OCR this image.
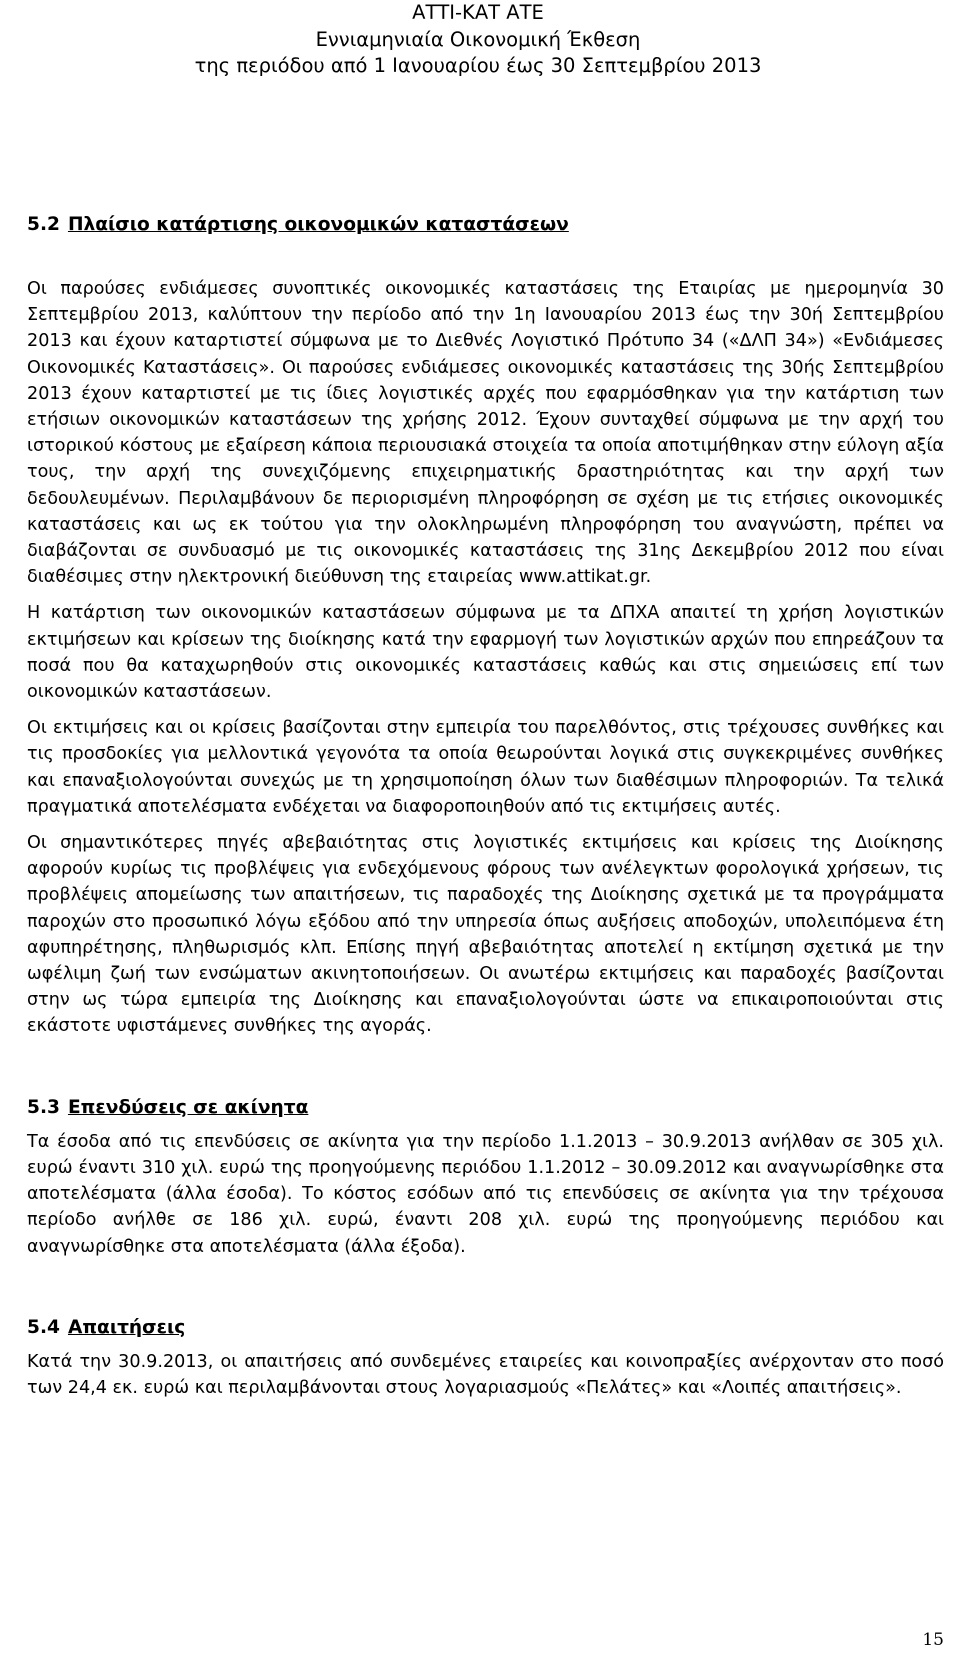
ΑΤΤΙ-ΚΑΤ ΑΤΕ
Εννιαμηνιαία Οικονομική Έκθεση
της περιόδου από 1 Ιανουαρίου έως 30 Σεπτεμβρίου 2013
5.2 Πλαίσιο κατάρτισης οικονομικών καταστάσεων

Οι παρούσες ενδιάμεσες συνοπτικές οικονομικές καταστάσεις της Εταιρίας με ημερομηνία 30 Σεπτεμβρίου 2013, καλύπτουν την περίοδο από την 1η Ιανουαρίου 2013 έως την 30ή Σεπτεμβρίου 2013 και έχουν καταρτιστεί σύμφωνα με το Διεθνές Λογιστικό Πρότυπο 34 («ΔΛΠ 34») «Ενδιάμεσες Οικονομικές Καταστάσεις». Οι παρούσες ενδιάμεσες οικονομικές καταστάσεις της 30ής Σεπτεμβρίου 2013 έχουν καταρτιστεί με τις ίδιες λογιστικές αρχές που εφαρμόσθηκαν για την κατάρτιση των ετήσιων οικονομικών καταστάσεων της χρήσης 2012. Έχουν συνταχθεί σύμφωνα με την αρχή του ιστορικού κόστους με εξαίρεση κάποια περιουσιακά στοιχεία τα οποία αποτιμήθηκαν στην εύλογη αξία τους, την αρχή της συνεχιζόμενης επιχειρηματικής δραστηριότητας και την αρχή των δεδουλευμένων. Περιλαμβάνουν δε περιορισμένη πληροφόρηση σε σχέση με τις ετήσιες οικονομικές καταστάσεις και ως εκ τούτου για την ολοκληρωμένη πληροφόρηση του αναγνώστη, πρέπει να διαβάζονται σε συνδυασμό με τις οικονομικές καταστάσεις της 31ης Δεκεμβρίου 2012 που είναι διαθέσιμες στην ηλεκτρονική διεύθυνση της εταιρείας www.attikat.gr.

Η κατάρτιση των οικονομικών καταστάσεων σύμφωνα με τα ΔΠΧΑ απαιτεί τη χρήση λογιστικών εκτιμήσεων και κρίσεων της διοίκησης κατά την εφαρμογή των λογιστικών αρχών που επηρεάζουν τα ποσά που θα καταχωρηθούν στις οικονομικές καταστάσεις καθώς και στις σημειώσεις επί των οικονομικών καταστάσεων.

Οι εκτιμήσεις και οι κρίσεις βασίζονται στην εμπειρία του παρελθόντος, στις τρέχουσες συνθήκες και τις προσδοκίες για μελλοντικά γεγονότα τα οποία θεωρούνται λογικά στις συγκεκριμένες συνθήκες και επαναξιολογούνται συνεχώς με τη χρησιμοποίηση όλων των διαθέσιμων πληροφοριών. Τα τελικά πραγματικά αποτελέσματα ενδέχεται να διαφοροποιηθούν από τις εκτιμήσεις αυτές.

Οι σημαντικότερες πηγές αβεβαιότητας στις λογιστικές εκτιμήσεις και κρίσεις της Διοίκησης αφορούν κυρίως τις προβλέψεις για ενδεχόμενους φόρους των ανέλεγκτων φορολογικά χρήσεων, τις προβλέψεις απομείωσης των απαιτήσεων, τις παραδοχές της Διοίκησης σχετικά με τα προγράμματα παροχών στο προσωπικό λόγω εξόδου από την υπηρεσία όπως αυξήσεις αποδοχών, υπολειπόμενα έτη αφυπηρέτησης, πληθωρισμός κλπ. Επίσης πηγή αβεβαιότητας αποτελεί η εκτίμηση σχετικά με την ωφέλιμη ζωή των ενσώματων ακινητοποιήσεων. Οι ανωτέρω εκτιμήσεις και παραδοχές βασίζονται στην ως τώρα εμπειρία της Διοίκησης και επαναξιολογούνται ώστε να επικαιροποιούνται στις εκάστοτε υφιστάμενες συνθήκες της αγοράς.

5.3 Επενδύσεις σε ακίνητα

Τα έσοδα από τις επενδύσεις σε ακίνητα για την περίοδο 1.1.2013 – 30.9.2013 ανήλθαν σε 305 χιλ. ευρώ έναντι 310 χιλ. ευρώ της προηγούμενης περιόδου 1.1.2012 – 30.09.2012 και αναγνωρίσθηκε στα αποτελέσματα (άλλα έσοδα). Το κόστος εσόδων από τις επενδύσεις σε ακίνητα για την τρέχουσα περίοδο ανήλθε σε 186 χιλ. ευρώ, έναντι 208 χιλ. ευρώ της προηγούμενης περιόδου και αναγνωρίσθηκε στα αποτελέσματα (άλλα έξοδα).

5.4 Απαιτήσεις

Κατά την 30.9.2013, οι απαιτήσεις από συνδεμένες εταιρείες και κοινοπραξίες ανέρχονταν στο ποσό των 24,4 εκ. ευρώ και περιλαμβάνονται στους λογαριασμούς «Πελάτες» και «Λοιπές απαιτήσεις».

15
